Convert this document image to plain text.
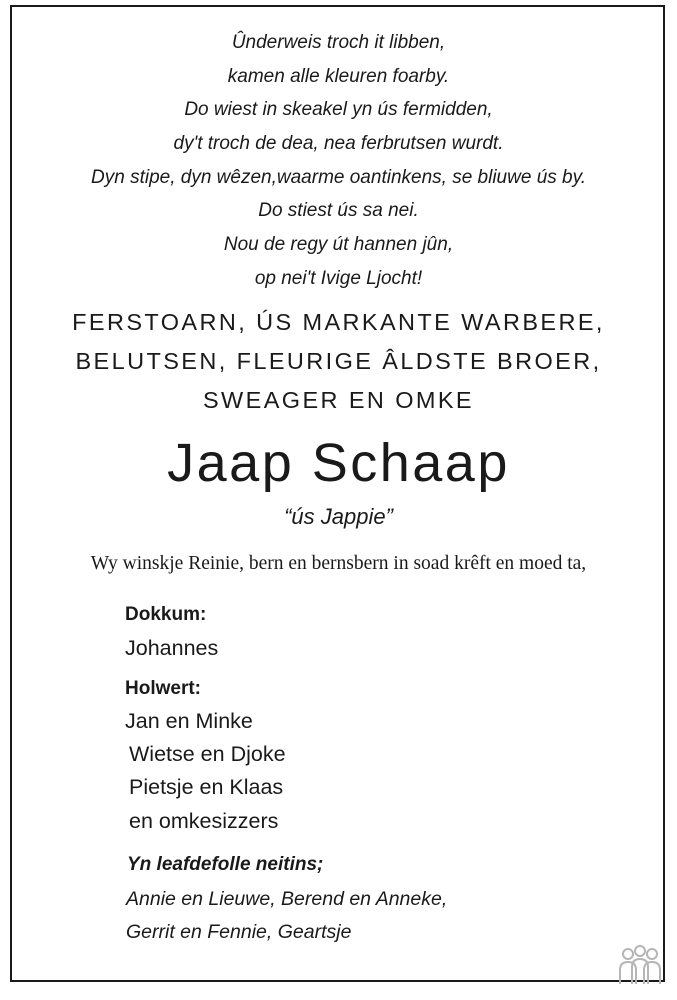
Ûnderweis troch it libben,
kamen alle kleuren foarby.
Do wiest in skeakel yn ús fermidden,
dy't troch de dea, nea ferbrutsen wurdt.
Dyn stipe, dyn wêzen,waarme oantinkens, se bliuwe ús by.
Do stiest ús sa nei.
Nou de regy út hannen jûn,
op nei't Ivige Ljocht!
FERSTOARN, ÚS MARKANTE WARBERE,
BELUTSEN, FLEURIGE ÂLDSTE BROER,
SWEAGER EN OMKE
Jaap Schaap
“ús Jappie”
Wy winskje Reinie, bern en bernsbern in soad krêft en moed ta,
Dokkum:
Johannes
Holwert:
Jan en Minke
Wietse en Djoke
Pietsje en Klaas
en omkesizzers
Yn leafdefolle neitins;
Annie en Lieuwe, Berend en Anneke,
Gerrit en Fennie, Geartsje
